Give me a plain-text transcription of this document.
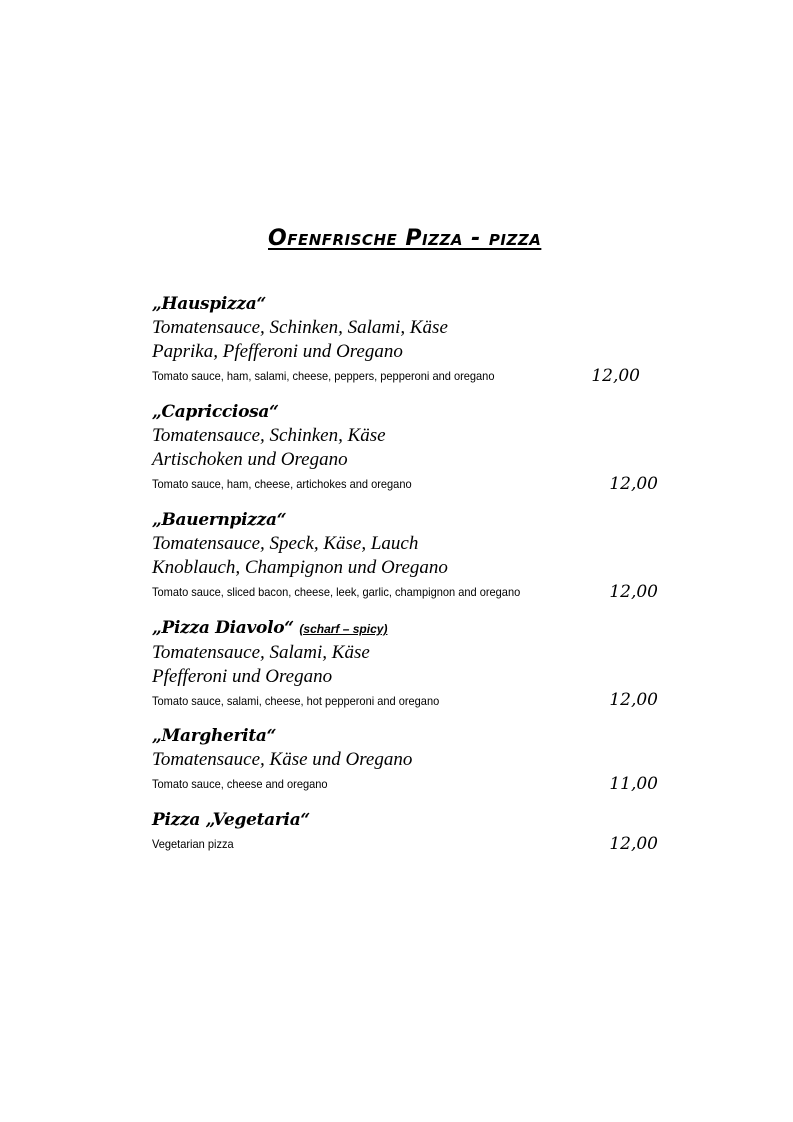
Ofenfrische Pizza - pizza
„Hauspizza“
Tomatensauce, Schinken, Salami, Käse
Paprika, Pfefferoni und Oregano
Tomato sauce, ham, salami, cheese, peppers, pepperoni and oregano	12,00
„Capricciosa“
Tomatensauce, Schinken, Käse
Artischoken und Oregano
Tomato sauce, ham, cheese, artichokes and oregano	12,00
„Bauernpizza“
Tomatensauce, Speck, Käse, Lauch
Knoblauch, Champignon und Oregano
Tomato sauce, sliced bacon, cheese, leek, garlic, champignon and oregano	12,00
„Pizza Diavolo“ (scharf – spicy)
Tomatensauce, Salami, Käse
Pfefferoni und Oregano
Tomato sauce, salami, cheese, hot pepperoni and oregano	12,00
„Margherita“
Tomatensauce, Käse und Oregano
Tomato sauce, cheese and oregano	11,00
Pizza „Vegetaria“
Vegetarian pizza	12,00
